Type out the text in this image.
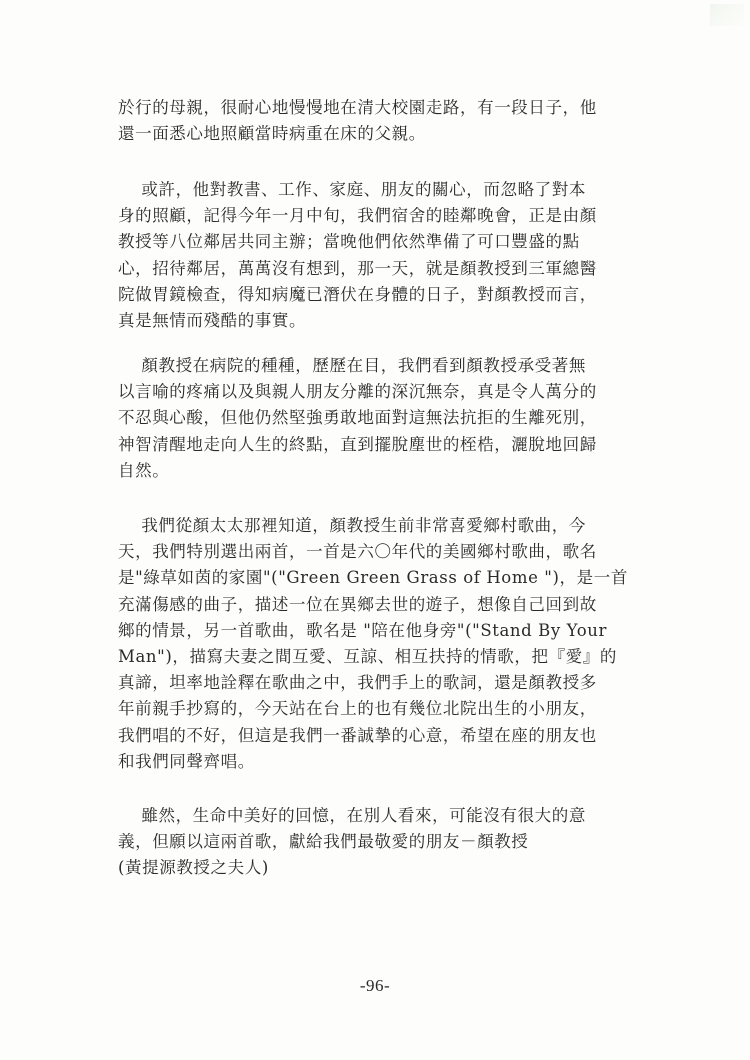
於行的母親，很耐心地慢慢地在清大校園走路，有一段日子，他
還一面悉心地照顧當時病重在床的父親。

或許，他對教書、工作、家庭、朋友的關心，而忽略了對本
身的照顧，記得今年一月中旬，我們宿舍的睦鄰晚會，正是由顏
教授等八位鄰居共同主辦；當晚他們依然準備了可口豐盛的點
心，招待鄰居，萬萬沒有想到，那一天，就是顏教授到三軍總醫
院做胃鏡檢查，得知病魔已潛伏在身體的日子，對顏教授而言，
真是無情而殘酷的事實。

顏教授在病院的種種，歷歷在目，我們看到顏教授承受著無
以言喻的疼痛以及與親人朋友分離的深沉無奈，真是令人萬分的
不忍與心酸，但他仍然堅強勇敢地面對這無法抗拒的生離死別，
神智清醒地走向人生的終點，直到擺脫塵世的桎梏，灑脫地回歸
自然。

我們從顏太太那裡知道，顏教授生前非常喜愛鄉村歌曲，今
天，我們特別選出兩首，一首是六〇年代的美國鄉村歌曲，歌名
是"綠草如茵的家園"("Green Green Grass of Home ")，是一首
充滿傷感的曲子，描述一位在異鄉去世的遊子，想像自己回到故
鄉的情景，另一首歌曲，歌名是 "陪在他身旁"("Stand By Your
Man")，描寫夫妻之間互愛、互諒、相互扶持的情歌，把『愛』的
真諦，坦率地詮釋在歌曲之中，我們手上的歌詞，還是顏教授多
年前親手抄寫的，今天站在台上的也有幾位北院出生的小朋友，
我們唱的不好，但這是我們一番誠摯的心意，希望在座的朋友也
和我們同聲齊唱。

雖然，生命中美好的回憶，在別人看來，可能沒有很大的意
義，但願以這兩首歌，獻給我們最敬愛的朋友－顏教授
(黃提源教授之夫人)

-96-
